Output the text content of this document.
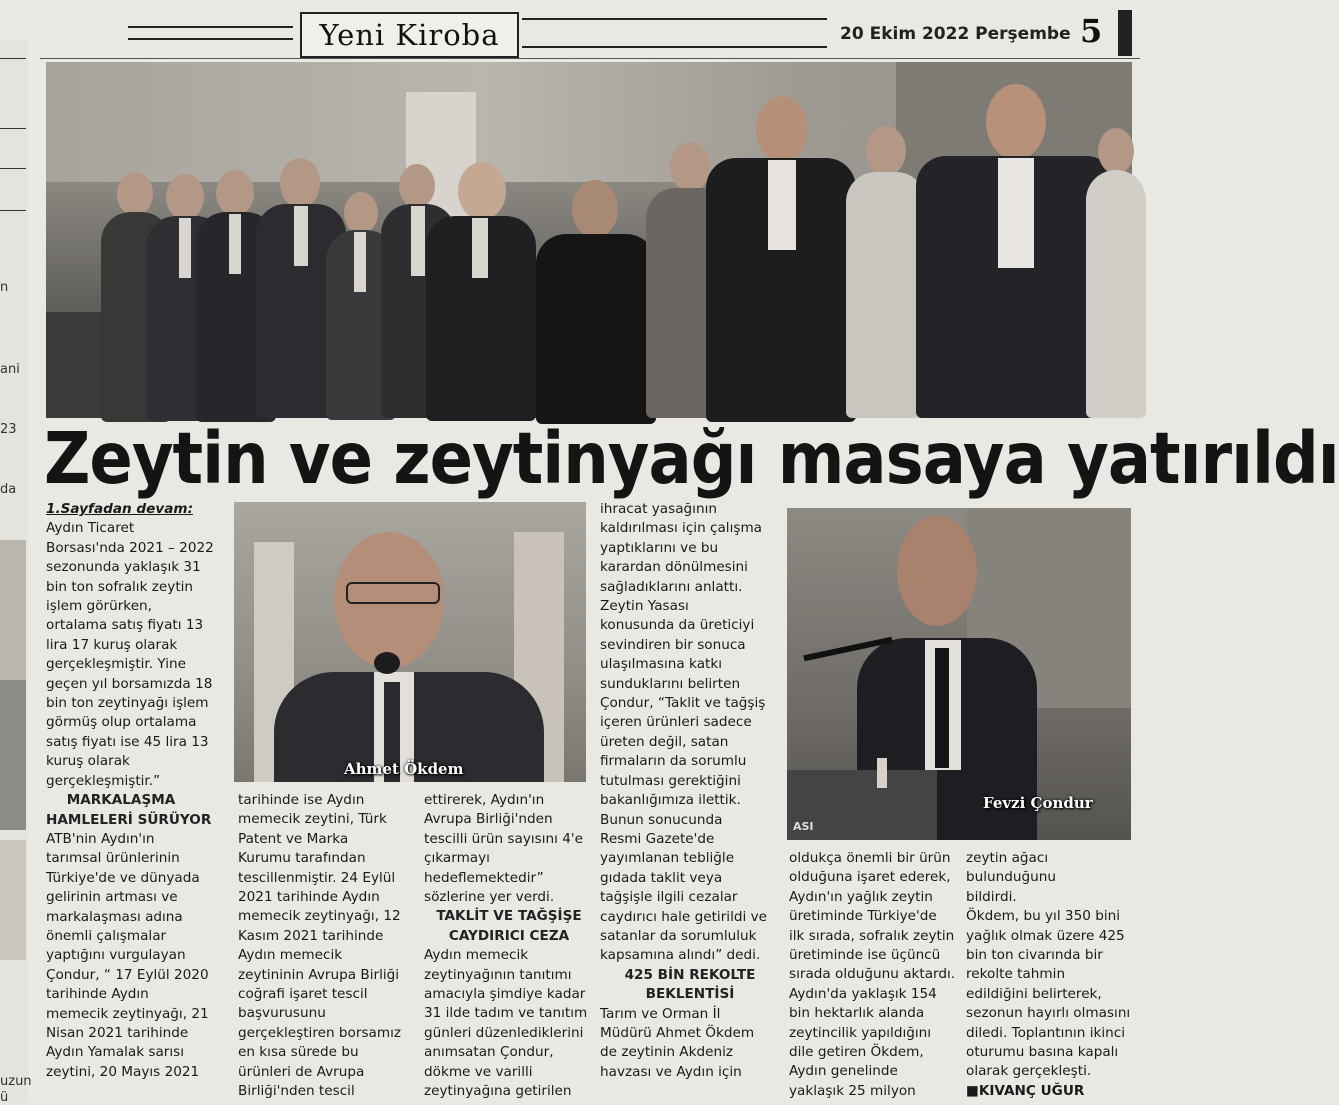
Yeni Kiroba	20 Ekim 2022 Perşembe 5
n
ani
23
da
uzun
ü
Zeytin ve zeytinyağı masaya yatırıldı
1.Sayfadan devam:
Aydın Ticaret
Borsası'nda 2021 – 2022
sezonunda yaklaşık 31
bin ton sofralık zeytin
işlem görürken,
ortalama satış fiyatı 13
lira 17 kuruş olarak
gerçekleşmiştir. Yine
geçen yıl borsamızda 18
bin ton zeytinyağı işlem
görmüş olup ortalama
satış fiyatı ise 45 lira 13
kuruş olarak
gerçekleşmiştir.”
MARKALAŞMA
HAMLELERİ SÜRÜYOR
ATB'nin Aydın'ın
tarımsal ürünlerinin
Türkiye'de ve dünyada
gelirinin artması ve
markalaşması adına
önemli çalışmalar
yaptığını vurgulayan
Çondur, “ 17 Eylül 2020
tarihinde Aydın
memecik zeytinyağı, 21
Nisan 2021 tarihinde
Aydın Yamalak sarısı
zeytini, 20 Mayıs 2021
Ahmet Ökdem
tarihinde ise Aydın
memecik zeytini, Türk
Patent ve Marka
Kurumu tarafından
tescillenmiştir. 24 Eylül
2021 tarihinde Aydın
memecik zeytinyağı, 12
Kasım 2021 tarihinde
Aydın memecik
zeytininin Avrupa Birliği
coğrafi işaret tescil
başvurusunu
gerçekleştiren borsamız
en kısa sürede bu
ürünleri de Avrupa
Birliği'nden tescil
ettirerek, Aydın'ın
Avrupa Birliği'nden
tescilli ürün sayısını 4'e
çıkarmayı
hedeflemektedir”
sözlerine yer verdi.
TAKLİT VE TAĞŞİŞE
CAYDIRICI CEZA
Aydın memecik
zeytinyağının tanıtımı
amacıyla şimdiye kadar
31 ilde tadım ve tanıtım
günleri düzenlediklerini
anımsatan Çondur,
dökme ve varilli
zeytinyağına getirilen
ihracat yasağının
kaldırılması için çalışma
yaptıklarını ve bu
karardan dönülmesini
sağladıklarını anlattı.
Zeytin Yasası
konusunda da üreticiyi
sevindiren bir sonuca
ulaşılmasına katkı
sunduklarını belirten
Çondur, “Taklit ve tağşiş
içeren ürünleri sadece
üreten değil, satan
firmaların da sorumlu
tutulması gerektiğini
bakanlığımıza ilettik.
Bunun sonucunda
Resmi Gazete'de
yayımlanan tebliğle
gıdada taklit veya
tağşişle ilgili cezalar
caydırıcı hale getirildi ve
satanlar da sorumluluk
kapsamına alındı” dedi.
425 BİN REKOLTE
BEKLENTİSİ
Tarım ve Orman İl
Müdürü Ahmet Ökdem
de zeytinin Akdeniz
havzası ve Aydın için
ASI
Fevzi Çondur
oldukça önemli bir ürün
olduğuna işaret ederek,
Aydın'ın yağlık zeytin
üretiminde Türkiye'de
ilk sırada, sofralık zeytin
üretiminde ise üçüncü
sırada olduğunu aktardı.
Aydın'da yaklaşık 154
bin hektarlık alanda
zeytincilik yapıldığını
dile getiren Ökdem,
Aydın genelinde
yaklaşık 25 milyon
zeytin ağacı
bulunduğunu
bildirdi.
Ökdem, bu yıl 350 bini
yağlık olmak üzere 425
bin ton civarında bir
rekolte tahmin
edildiğini belirterek,
sezonun hayırlı olmasını
diledi. Toplantının ikinci
oturumu basına kapalı
olarak gerçekleşti.
■KIVANÇ UĞUR
